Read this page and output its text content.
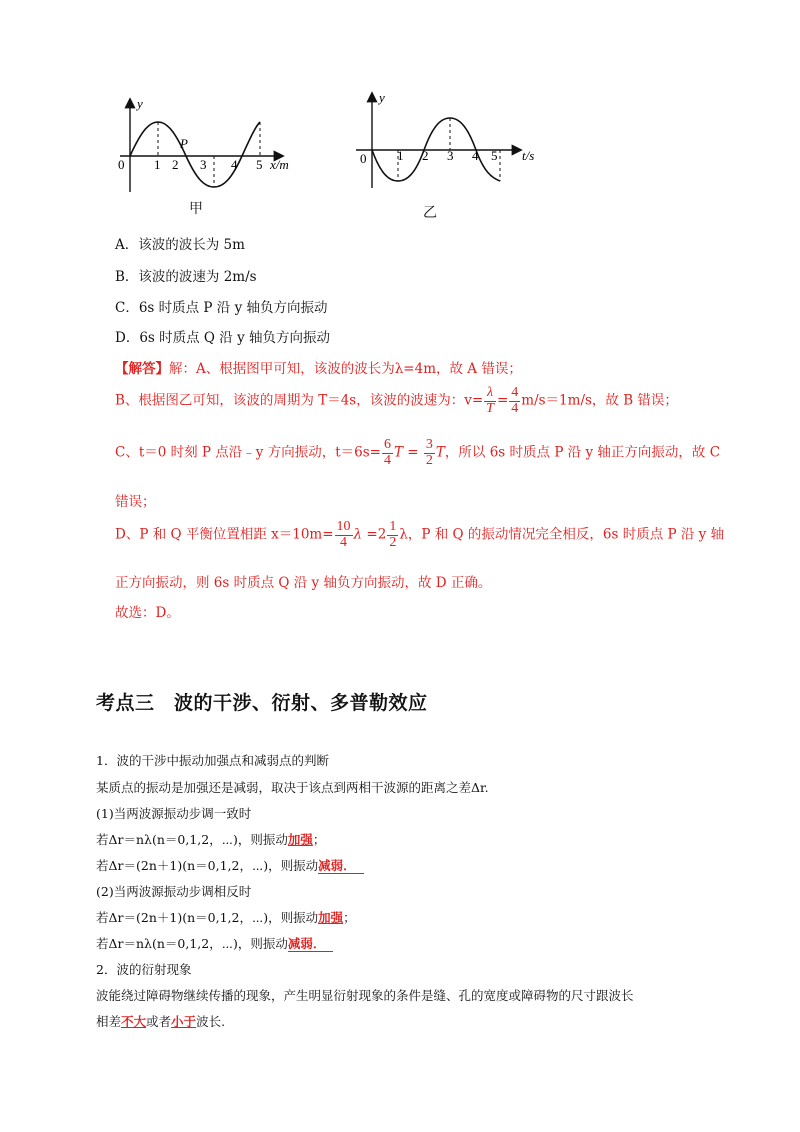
y
0 1 2 3 4 5
P
x/m
甲
y
0 1 2 3 4 5 t/s
乙
A．该波的波长为 5m
B．该波的波速为 2m/s
C．6s 时质点 P 沿 y 轴负方向振动
D．6s 时质点 Q 沿 y 轴负方向振动
【解答】解：A、根据图甲可知，该波的波长为λ=4m，故 A 错误；
B、根据图乙可知，该波的周期为 T＝4s，该波的波速为：$v= \frac{\lambda}{T} = \frac{4}{4} m/s=1m/s$，故 B 错误；
C、t＝0 时刻 P 点沿﹣y 方向振动，$t=6s= \frac{6}{4}$ $T = \frac{3}{2}$ T，所以 6s 时质点 P 沿 y 轴正方向振动，故 C
错误；
D、P 和 Q 平衡位置相距 $x=10m= \frac{10}{4}$ $\lambda =2 \frac{1}{2}$ λ，P 和 Q 的振动情况完全相反，6s 时质点 P 沿 y 轴
正方向振动，则 6s 时质点 Q 沿 y 轴负方向振动，故 D 正确。
故选：D。
考点三　波的干涉、衍射、多普勒效应
1．波的干涉中振动加强点和减弱点的判断
某质点的振动是加强还是减弱，取决于该点到两相干波源的距离之差Δr.
(1)当两波源振动步调一致时
若Δr＝nλ(n＝0,1,2，⋯)，则振动加强；
若Δr＝(2n＋1)(n＝0,1,2，⋯)，则振动减弱．
(2)当两波源振动步调相反时
若Δr＝(2n＋1)(n＝0,1,2，⋯)，则振动加强；
若Δr＝nλ(n＝0,1,2，⋯)，则振动减弱．
2．波的衍射现象
波能绕过障碍物继续传播的现象，产生明显衍射现象的条件是缝、孔的宽度或障碍物的尺寸跟波长
相差不大或者小于波长.
